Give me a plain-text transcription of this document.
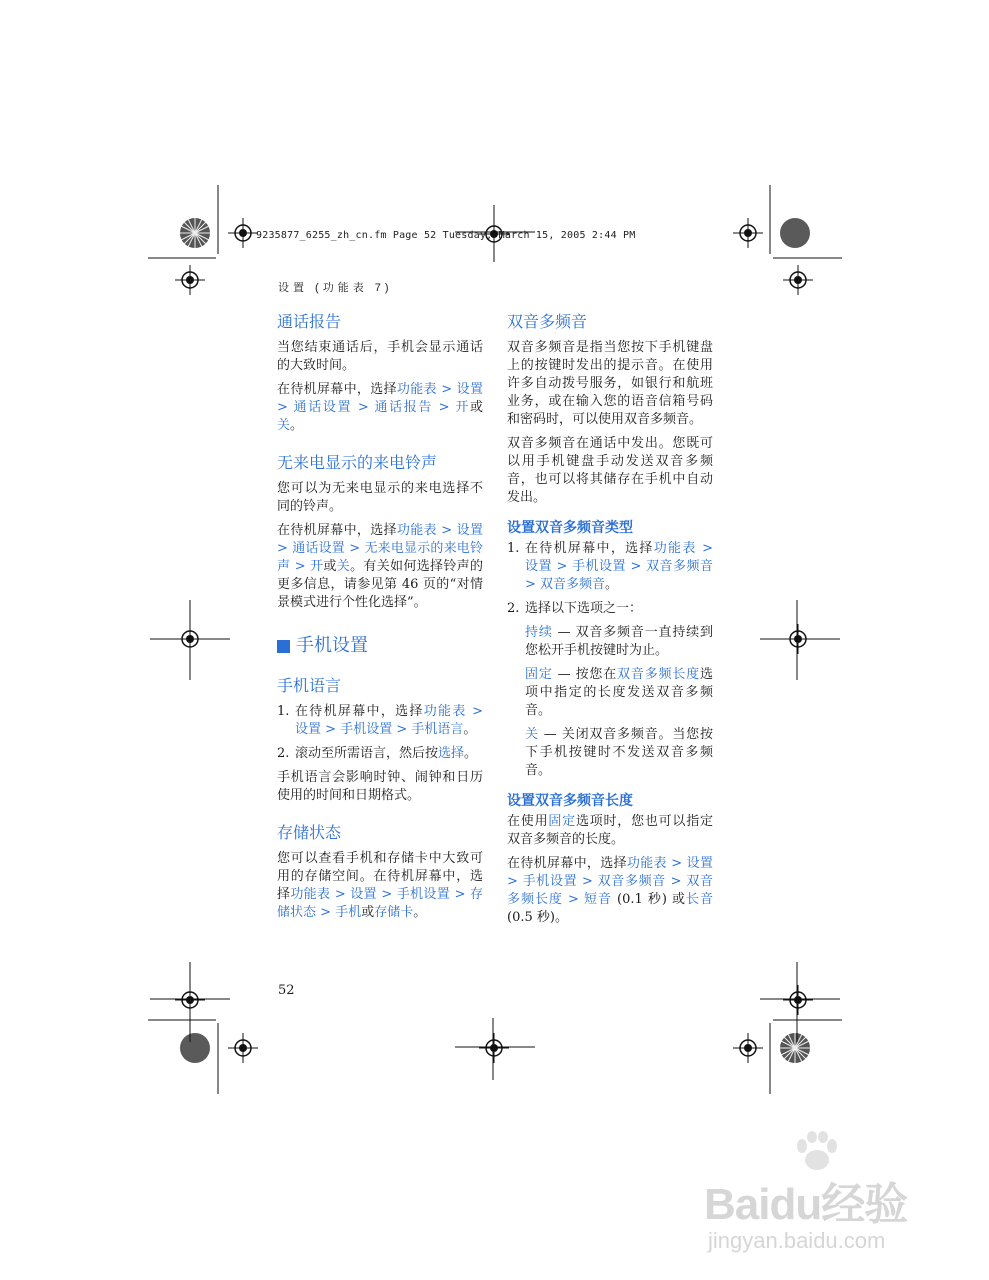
9235877_6255_zh_cn.fm Page 52 Tuesday, March 15, 2005 2:44 PM
设置 (功能表 7)
通话报告

当您结束通话后，手机会显示通话的大致时间。

在待机屏幕中，选择功能表 > 设置 > 通话设置 > 通话报告 > 开或关。

无来电显示的来电铃声

您可以为无来电显示的来电选择不同的铃声。

在待机屏幕中，选择功能表 > 设置 > 通话设置 > 无来电显示的来电铃声 > 开或关。有关如何选择铃声的更多信息，请参见第 46 页的“对情景模式进行个性化选择”。

手机设置
手机语言
1. 在待机屏幕中，选择功能表 > 设置 > 手机设置 > 手机语言。
2. 滚动至所需语言，然后按选择。

手机语言会影响时钟、闹钟和日历使用的时间和日期格式。

存储状态

您可以查看手机和存储卡中大致可用的存储空间。在待机屏幕中，选择功能表 > 设置 > 手机设置 > 存储状态 > 手机或存储卡。

双音多频音

双音多频音是指当您按下手机键盘上的按键时发出的提示音。在使用许多自动拨号服务，如银行和航班业务，或在输入您的语音信箱号码和密码时，可以使用双音多频音。

双音多频音在通话中发出。您既可以用手机键盘手动发送双音多频音，也可以将其储存在手机中自动发出。

设置双音多频音类型
1. 在待机屏幕中，选择功能表 > 设置 > 手机设置 > 双音多频音 > 双音多频音。
2. 选择以下选项之一：

持续 — 双音多频音一直持续到您松开手机按键时为止。

固定 — 按您在双音多频长度选项中指定的长度发送双音多频音。

关 — 关闭双音多频音。当您按下手机按键时不发送双音多频音。

设置双音多频音长度

在使用固定选项时，您也可以指定双音多频音的长度。

在待机屏幕中，选择功能表 > 设置 > 手机设置 > 双音多频音 > 双音多频长度 > 短音 (0.1 秒) 或长音 (0.5 秒)。

52
Baidu经验
jingyan.baidu.com
